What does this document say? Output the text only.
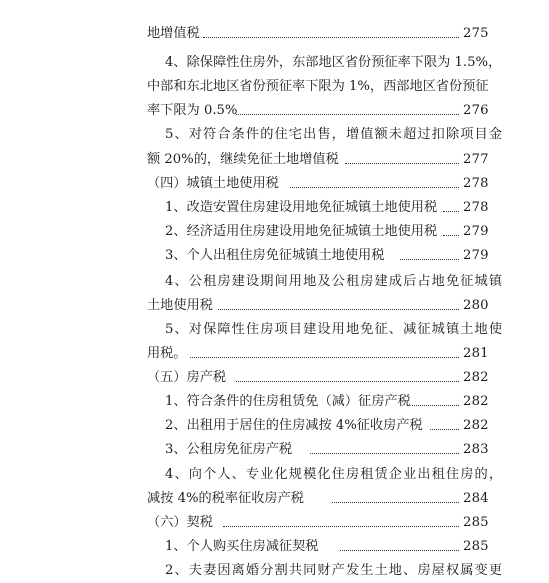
地增值税	275
4、除保障性住房外，东部地区省份预征率下限为 1.5%，
中部和东北地区省份预征率下限为 1%，西部地区省份预征
率下限为 0.5%	276
5、对符合条件的住宅出售，增值额未超过扣除项目金
额 20%的，继续免征土地增值税	277
（四）城镇土地使用税	278
1、改造安置住房建设用地免征城镇土地使用税 278
2、经济适用住房建设用地免征城镇土地使用税 279
3、个人出租住房免征城镇土地使用税	279
4、公租房建设期间用地及公租房建成后占地免征城镇
土地使用税	280
5、对保障性住房项目建设用地免征、减征城镇土地使
用税。	281
（五）房产税	282
1、符合条件的住房租赁免（减）征房产税	282
2、出租用于居住的住房减按 4%征收房产税	282
3、公租房免征房产税	283
4、向个人、专业化规模化住房租赁企业出租住房的，
减按 4%的税率征收房产税	284
（六）契税	285
1、个人购买住房减征契税	285
2、夫妻因离婚分割共同财产发生土地、房屋权属变更
